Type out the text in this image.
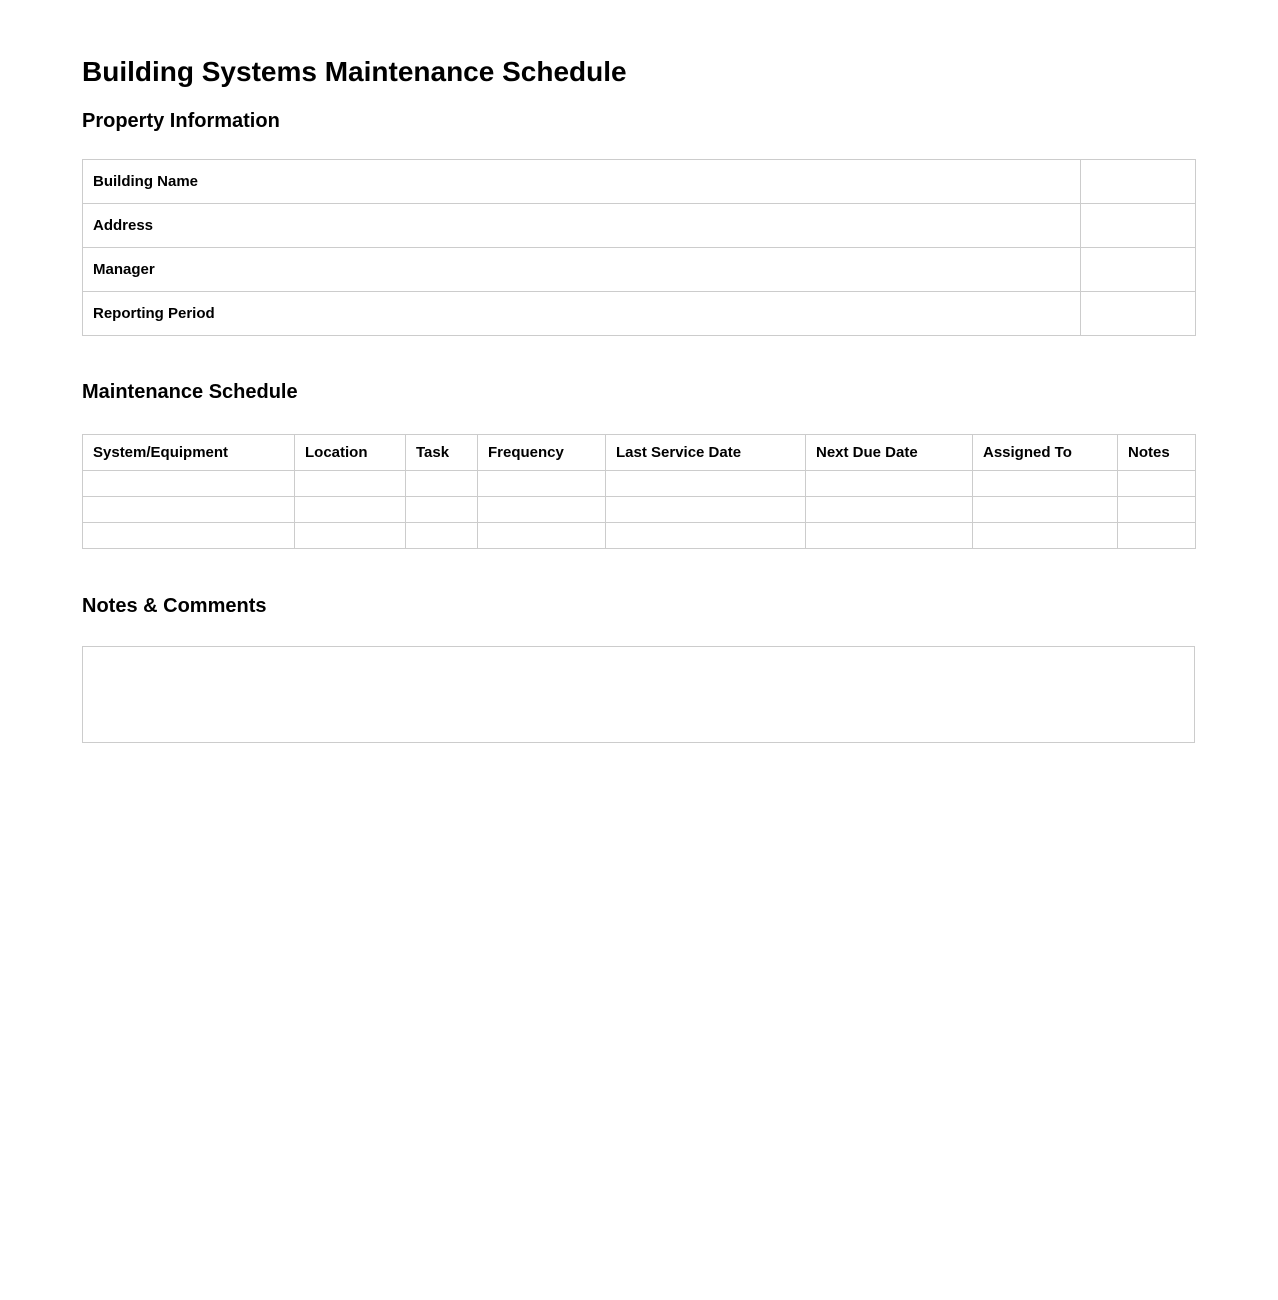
Building Systems Maintenance Schedule
Property Information
Building Name	
Address	
Manager	
Reporting Period	
Maintenance Schedule
System/Equipment	Location	Task	Frequency	Last Service Date	Next Due Date	Assigned To	Notes

Notes & Comments
